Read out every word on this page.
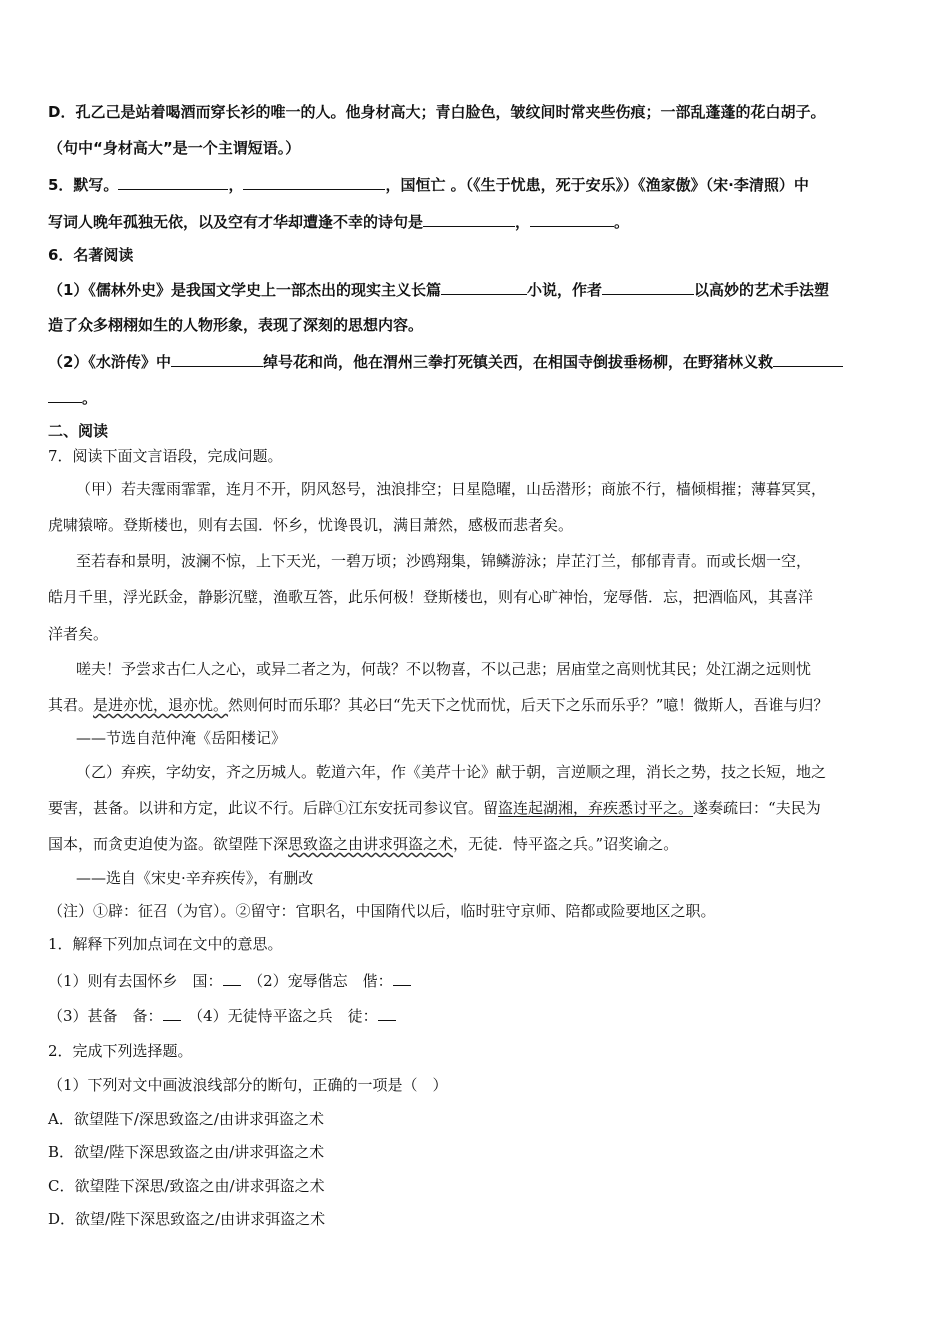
D．孔乙己是站着喝酒而穿长衫的唯一的人。他身材高大；青白脸色，皱纹间时常夹些伤痕；一部乱蓬蓬的花白胡子。
（句中“身材高大”是一个主谓短语。）
5．默写。	，	，国恒亡 。（《生于忧患，死于安乐》）《渔家傲》（宋·李清照）中
写词人晚年孤独无依，以及空有才华却遭逢不幸的诗句是	，	。
6．名著阅读
（1）《儒林外史》是我国文学史上一部杰出的现实主义长篇	小说，作者	以高妙的艺术手法塑
造了众多栩栩如生的人物形象，表现了深刻的思想内容。
（2）《水浒传》中	绰号花和尚，他在渭州三拳打死镇关西，在相国寺倒拔垂杨柳，在野猪林义救
。
二、阅读
7．阅读下面文言语段，完成问题。
（甲）若夫霪雨霏霏，连月不开，阴风怒号，浊浪排空；日星隐曜，山岳潜形；商旅不行，樯倾楫摧；薄暮冥冥，
虎啸猿啼。登斯楼也，则有去国．怀乡，忧谗畏讥，满目萧然，感极而悲者矣。
至若春和景明，波澜不惊，上下天光，一碧万顷；沙鸥翔集，锦鳞游泳；岸芷汀兰，郁郁青青。而或长烟一空，
皓月千里，浮光跃金，静影沉璧，渔歌互答，此乐何极！登斯楼也，则有心旷神怡，宠辱偕．忘，把酒临风，其喜洋
洋者矣。
嗟夫！予尝求古仁人之心，或异二者之为，何哉？不以物喜，不以己悲；居庙堂之高则忧其民；处江湖之远则忧
其君。是进亦忧，退亦忧。然则何时而乐耶？其必曰“先天下之忧而忧，后天下之乐而乐乎？”噫！微斯人，吾谁与归？
——节选自范仲淹《岳阳楼记》
（乙）弃疾，字幼安，齐之历城人。乾道六年，作《美芹十论》献于朝，言逆顺之理，消长之势，技之长短，地之
要害，甚备。以讲和方定，此议不行。后辟①江东安抚司参议官。留盗连起湖湘，弃疾悉讨平之。遂奏疏曰：“夫民为
国本，而贪吏迫使为盗。欲望陛下深思致盗之由讲求弭盗之术，无徒．恃平盗之兵。”诏奖谕之。
——选自《宋史·辛弃疾传》，有删改
（注）①辟：征召（为官）。②留守：官职名，中国隋代以后，临时驻守京师、陪都或险要地区之职。
1．解释下列加点词在文中的意思。
（1）则有去国怀乡　国：　 （2）宠辱偕忘　偕：
（3）甚备　备：　 （4）无徒恃平盗之兵　徒：
2．完成下列选择题。
（1）下列对文中画波浪线部分的断句，正确的一项是（　）
A．欲望陛下/深思致盗之/由讲求弭盗之术
B．欲望/陛下深思致盗之由/讲求弭盗之术
C．欲望陛下深思/致盗之由/讲求弭盗之术
D．欲望/陛下深思致盗之/由讲求弭盗之术
